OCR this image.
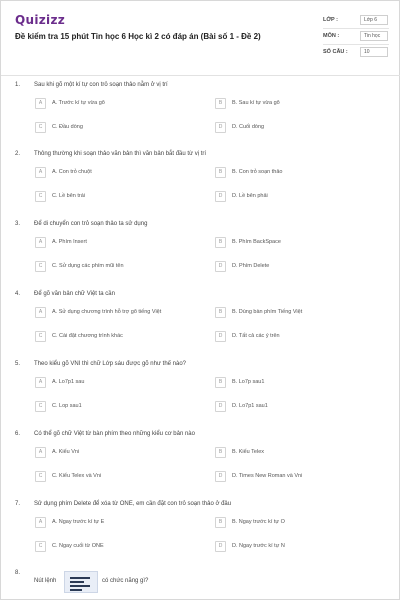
Quizizz
Đề kiểm tra 15 phút Tin học 6 Học kì 2 có đáp án (Bài số 1 - Đề 2)
LỚP :	Lớp 6
MÔN :	Tin học
SỐ CÂU :	10
1. Sau khi gõ một kí tự con trỏ soạn thảo nằm ở vị trí
A	A. Trước kí tự vừa gõ	B	B. Sau kí tự vừa gõ
C	C. Đầu dòng	D	D. Cuối dòng
2. Thông thường khi soạn thảo văn bản thì văn bản bắt đầu từ vị trí
A	A. Con trỏ chuột	B	B. Con trỏ soạn thảo
C	C. Lề bên trái	D	D. Lề bên phải
3. Để di chuyển con trỏ soạn thảo ta sử dụng
A	A. Phím Insert	B	B. Phím BackSpace
C	C. Sử dụng các phím mũi tên	D	D. Phím Delete
4. Để gõ văn bản chữ Việt ta cần
A	A. Sử dụng chương trình hỗ trợ gõ tiếng Việt	B	B. Dùng bàn phím Tiếng Việt
C	C. Cài đặt chương trình khác	D	D. Tất cả các ý trên
5. Theo kiểu gõ VNI thì chữ Lớp sáu được gõ như thế nào?
A	A. Lo7p1 sau	B	B. Lo7p sau1
C	C. Lop sau1	D	D. Lo7p1 sau1
6. Có thể gõ chữ Việt từ bàn phím theo những kiểu cơ bản nào
A	A. Kiểu Vni	B	B. Kiểu Telex
C	C. Kiểu Telex và Vni	D	D. Times New Roman và Vni
7. Sử dụng phím Delete để xóa từ ONE, em cần đặt con trỏ soạn thảo ở đâu
A	A. Ngay trước kí tự E	B	B. Ngay trước kí tự O
C	C. Ngay cuối từ ONE	D	D. Ngay trước kí tự N
8.
Nút lệnh	có chức năng gì?
